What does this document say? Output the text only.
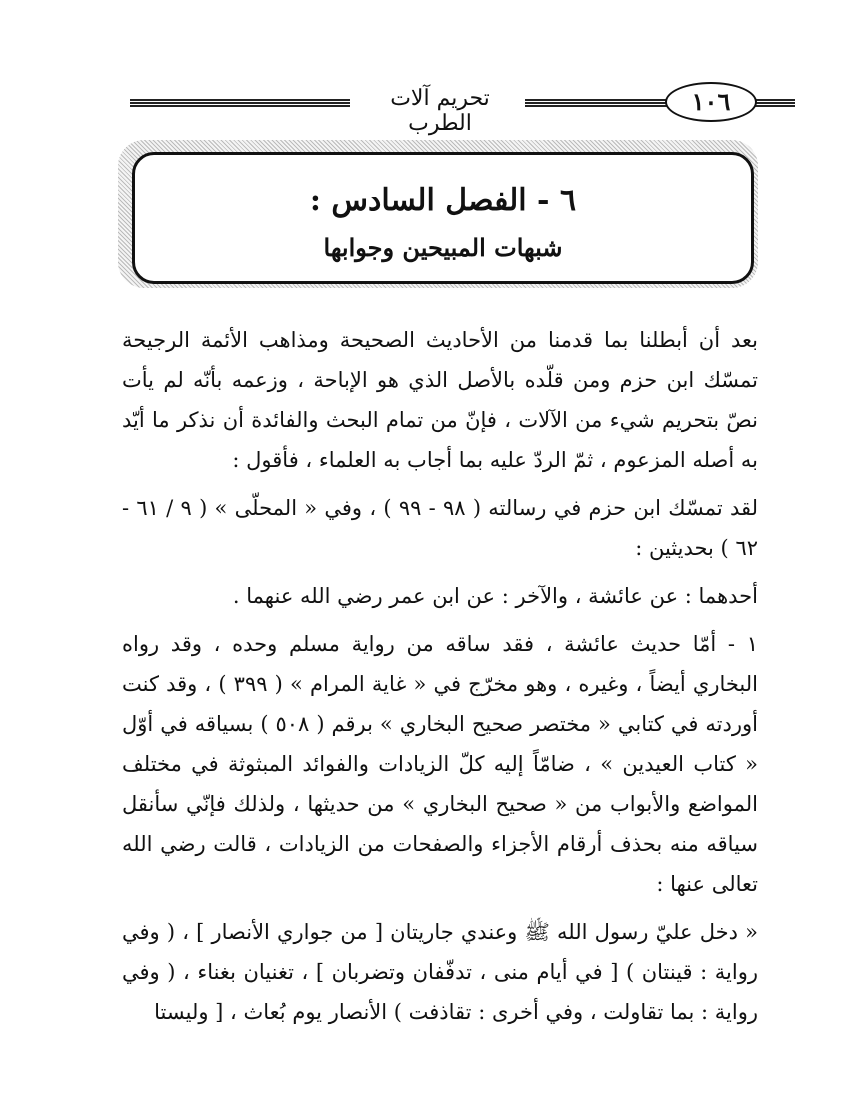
تحريم آلات الطرب
١٠٦
٦ - الفصل السادس :
شبهات المبيحين وجوابها

بعد أن أبطلنا بما قدمنا من الأحاديث الصحيحة ومذاهب الأئمة الرجيحة تمسّك ابن حزم ومن قلّده بالأصل الذي هو الإباحة ، وزعمه بأنّه لم يأت نصّ بتحريم شيء من الآلات ، فإنّ من تمام البحث والفائدة أن نذكر ما أيّد به أصله المزعوم ، ثمّ الردّ عليه بما أجاب به العلماء ، فأقول :

لقد تمسّك ابن حزم في رسالته ( ٩٨ - ٩٩ ) ، وفي « المحلّى » ( ٩ / ٦١ - ٦٢ ) بحديثين :

أحدهما : عن عائشة ، والآخر : عن ابن عمر رضي الله عنهما .

١ - أمّا حديث عائشة ، فقد ساقه من رواية مسلم وحده ، وقد رواه البخاري أيضاً ، وغيره ، وهو مخرّج في « غاية المرام » ( ٣٩٩ ) ، وقد كنت أوردته في كتابي « مختصر صحيح البخاري » برقم ( ٥٠٨ ) بسياقه في أوّل « كتاب العيدين » ، ضامّاً إليه كلّ الزيادات والفوائد المبثوثة في مختلف المواضع والأبواب من « صحيح البخاري » من حديثها ، ولذلك فإنّي سأنقل سياقه منه بحذف أرقام الأجزاء والصفحات من الزيادات ، قالت رضي الله تعالى عنها :

« دخل عليّ رسول الله ﷺ وعندي جاريتان [ من جواري الأنصار ] ، ( وفي رواية : قينتان ) [ في أيام منى ، تدفّفان وتضربان ] ، تغنيان بغناء ، ( وفي رواية : بما تقاولت ، وفي أخرى : تقاذفت ) الأنصار يوم بُعاث ، [ وليستا
